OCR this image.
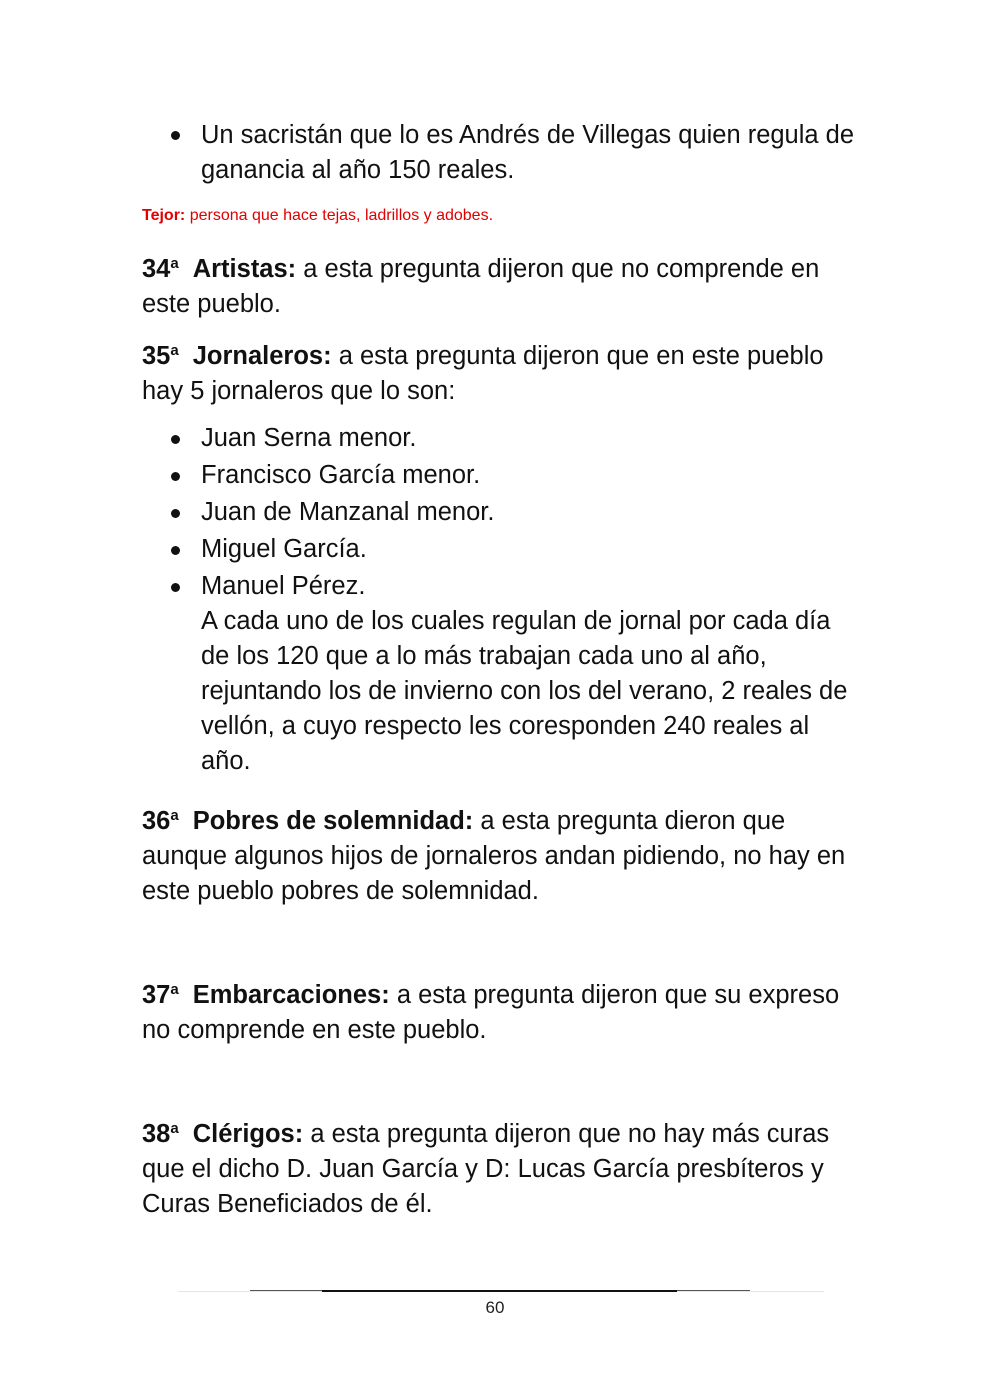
Un sacristán que lo es Andrés de Villegas quien regula de ganancia al año 150 reales.

Tejor: persona que hace tejas, ladrillos y adobes.

34$^a$ Artistas: a esta pregunta dijeron que no comprende en este pueblo.

35$^a$ Jornaleros: a esta pregunta dijeron que en este pueblo hay 5 jornaleros que lo son:

Juan Serna menor.

Francisco García menor.

Juan de Manzanal menor.

Miguel García.

Manuel Pérez.

A cada uno de los cuales regulan de jornal por cada día de los 120 que a lo más trabajan cada uno al año, rejuntando los de invierno con los del verano, 2 reales de vellón, a cuyo respecto les coresponden 240 reales al año.

36$^a$ Pobres de solemnidad: a esta pregunta dieron que aunque algunos hijos de jornaleros andan pidiendo, no hay en este pueblo pobres de solemnidad.

37$^a$ Embarcaciones: a esta pregunta dijeron que su expreso no comprende en este pueblo.

38$^a$ Clérigos: a esta pregunta dijeron que no hay más curas que el dicho D. Juan García y D: Lucas García presbíteros y Curas Beneficiados de él.

60
